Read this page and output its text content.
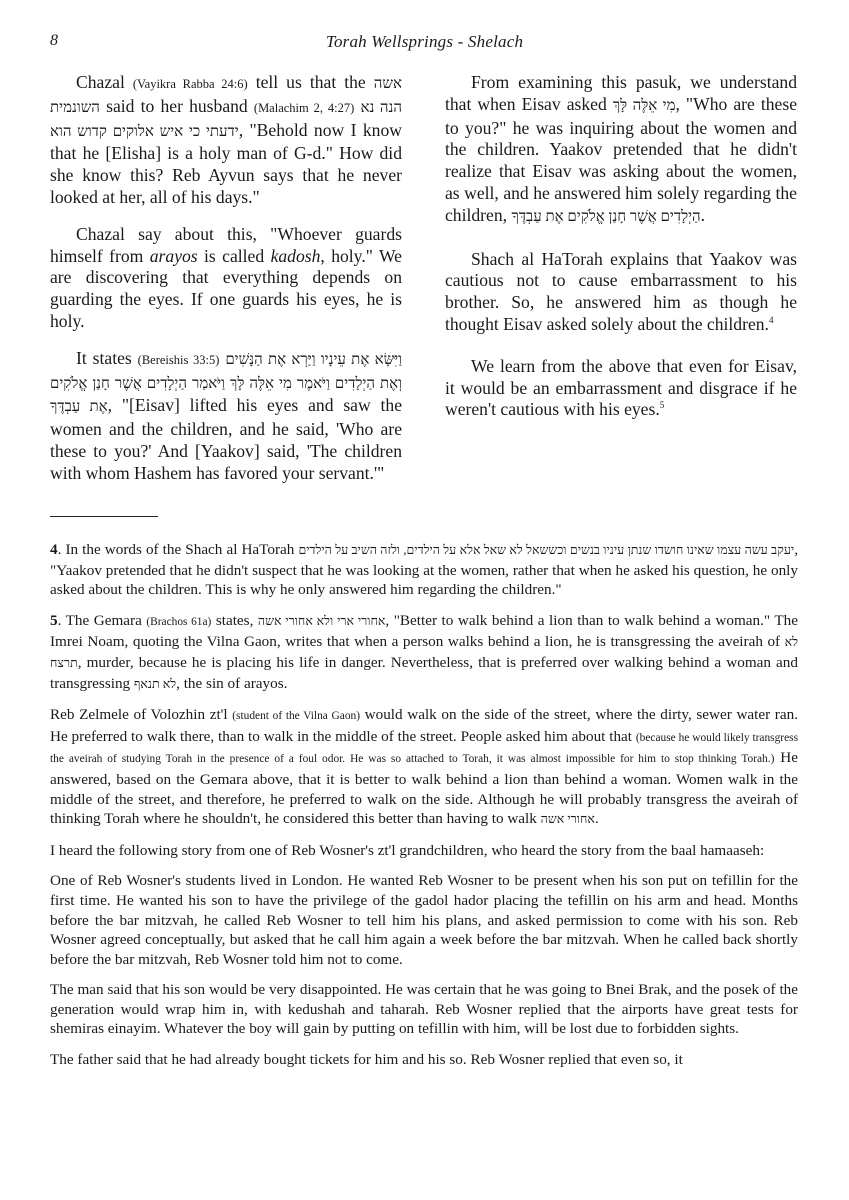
8	Torah Wellsprings - Shelach

Chazal (Vayikra Rabba 24:6) tell us that the אשה השונמית said to her husband (Malachim 2, 4:27) הנה נא ידעתי כי איש אלוקים קדוש הוא, "Behold now I know that he [Elisha] is a holy man of G-d." How did she know this? Reb Ayvun says that he never looked at her, all of his days."

Chazal say about this, "Whoever guards himself from arayos is called kadosh, holy." We are discovering that everything depends on guarding the eyes. If one guards his eyes, he is holy.

It states (Bereishis 33:5) וַיִּשָּׂא אֶת עֵינָיו וַיַּרְא אֶת הַנָּשִׁים וְאֶת הַיְלָדִים וַיֹּאמֶר מִי אֵלֶּה לָּךְ וַיֹּאמַר הַיְלָדִים אֲשֶׁר חָנַן אֱלֹקִים אֶת עַבְדֶּךָ, "[Eisav] lifted his eyes and saw the women and the children, and he said, 'Who are these to you?' And [Yaakov] said, 'The children with whom Hashem has favored your servant.'"

From examining this pasuk, we understand that when Eisav asked מִי אֵלֶּה לָּךְ, "Who are these to you?" he was inquiring about the women and the children. Yaakov pretended that he didn't realize that Eisav was asking about the women, as well, and he answered him solely regarding the children, הַיְלָדִים אֲשֶׁר חָנַן אֱלֹקִים אֶת עַבְדֶּךָ.

Shach al HaTorah explains that Yaakov was cautious not to cause embarrassment to his brother. So, he answered him as though he thought Eisav asked solely about the children.$^4$

We learn from the above that even for Eisav, it would be an embarrassment and disgrace if he weren't cautious with his eyes.$^5$

4. In the words of the Shach al HaTorah יעקב עשה עצמו שאינו חושדו שנתן עיניו בנשים וכששאל לא שאל אלא על הילדים, ולזה השיב על הילדים, "Yaakov pretended that he didn't suspect that he was looking at the women, rather that when he asked his question, he only asked about the children. This is why he only answered him regarding the children."

5. The Gemara (Brachos 61a) states, אחורי ארי ולא אחורי אשה, "Better to walk behind a lion than to walk behind a woman." The Imrei Noam, quoting the Vilna Gaon, writes that when a person walks behind a lion, he is transgressing the aveirah of לא תרצח, murder, because he is placing his life in danger. Nevertheless, that is preferred over walking behind a woman and transgressing לא תנאף, the sin of arayos.

Reb Zelmele of Volozhin zt'l (student of the Vilna Gaon) would walk on the side of the street, where the dirty, sewer water ran. He preferred to walk there, than to walk in the middle of the street. People asked him about that (because he would likely transgress the aveirah of studying Torah in the presence of a foul odor. He was so attached to Torah, it was almost impossible for him to stop thinking Torah.) He answered, based on the Gemara above, that it is better to walk behind a lion than behind a woman. Women walk in the middle of the street, and therefore, he preferred to walk on the side. Although he will probably transgress the aveirah of thinking Torah where he shouldn't, he considered this better than having to walk אחורי אשה.

I heard the following story from one of Reb Wosner's zt'l grandchildren, who heard the story from the baal hamaaseh:

One of Reb Wosner's students lived in London. He wanted Reb Wosner to be present when his son put on tefillin for the first time. He wanted his son to have the privilege of the gadol hador placing the tefillin on his arm and head. Months before the bar mitzvah, he called Reb Wosner to tell him his plans, and asked permission to come with his son. Reb Wosner agreed conceptually, but asked that he call him again a week before the bar mitzvah. When he called back shortly before the bar mitzvah, Reb Wosner told him not to come.

The man said that his son would be very disappointed. He was certain that he was going to Bnei Brak, and the posek of the generation would wrap him in, with kedushah and taharah. Reb Wosner replied that the airports have great tests for shemiras einayim. Whatever the boy will gain by putting on tefillin with him, will be lost due to forbidden sights.

The father said that he had already bought tickets for him and his so. Reb Wosner replied that even so, it
